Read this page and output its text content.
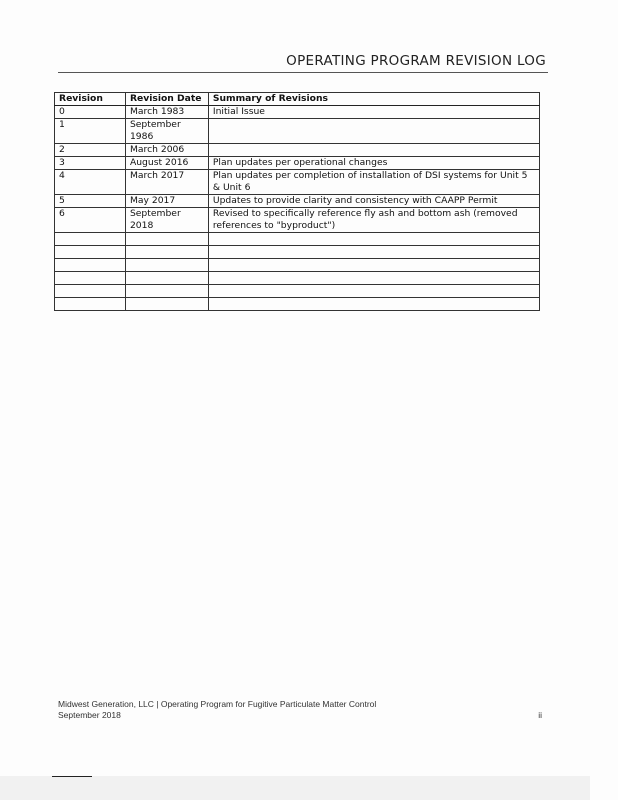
OPERATING PROGRAM REVISION LOG
Revision	Revision Date	Summary of Revisions
0	March 1983	Initial Issue
1	September 1986	
2	March 2006	
3	August 2016	Plan updates per operational changes
4	March 2017	Plan updates per completion of installation of DSI systems for Unit 5 & Unit 6
5	May 2017	Updates to provide clarity and consistency with CAAPP Permit
6	September 2018	Revised to specifically reference fly ash and bottom ash (removed references to "byproduct")

Midwest Generation, LLC | Operating Program for Fugitive Particulate Matter Control
September 2018	ii
